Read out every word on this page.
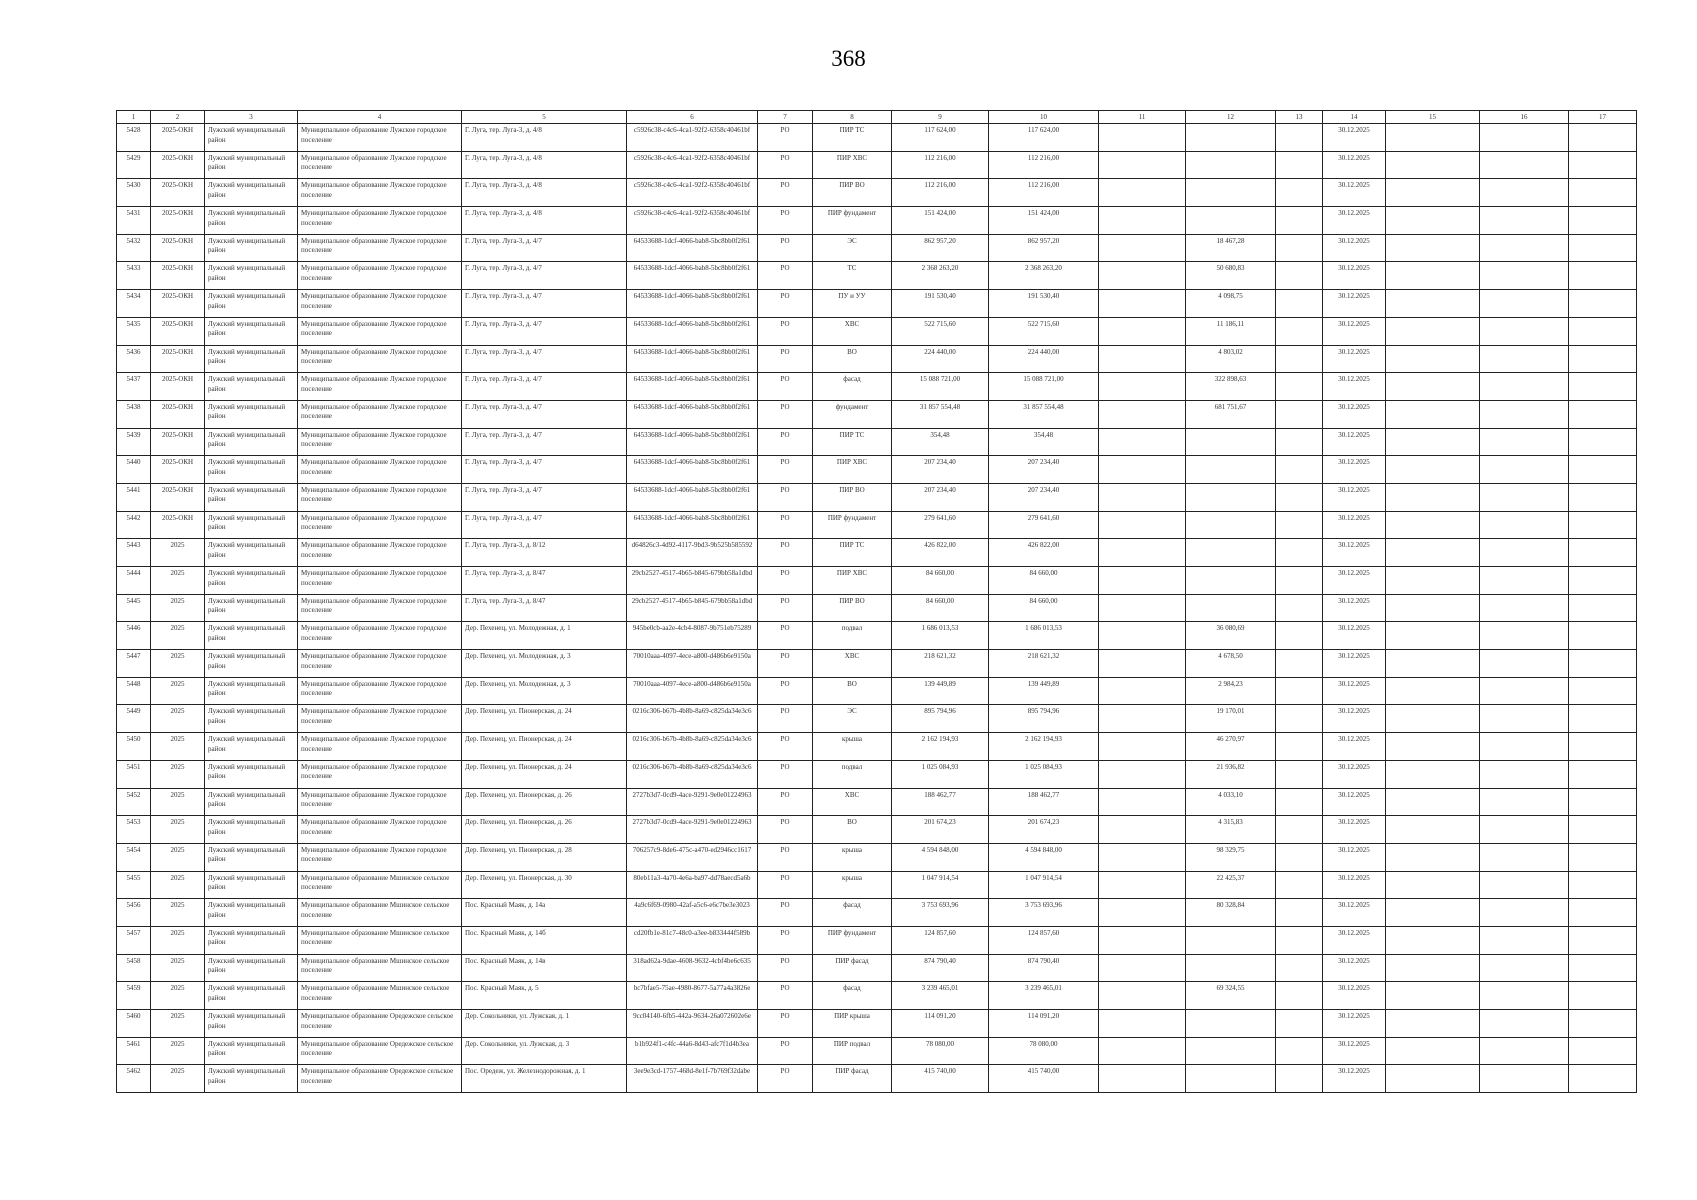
368
1	2	3	4	5	6	7	8	9	10	11	12	13	14	15	16	17
5428	2025-ОКН	Лужский муниципальный район	Муниципальное образование Лужское городское поселение	Г. Луга, тер. Луга-3, д. 4/8	c5926c38-c4c6-4ca1-92f2-6358c40461bf	РО	ПИР ТС	117 624,00	117 624,00				30.12.2025			
5429	2025-ОКН	Лужский муниципальный район	Муниципальное образование Лужское городское поселение	Г. Луга, тер. Луга-3, д. 4/8	c5926c38-c4c6-4ca1-92f2-6358c40461bf	РО	ПИР ХВС	112 216,00	112 216,00				30.12.2025			
5430	2025-ОКН	Лужский муниципальный район	Муниципальное образование Лужское городское поселение	Г. Луга, тер. Луга-3, д. 4/8	c5926c38-c4c6-4ca1-92f2-6358c40461bf	РО	ПИР ВО	112 216,00	112 216,00				30.12.2025			
5431	2025-ОКН	Лужский муниципальный район	Муниципальное образование Лужское городское поселение	Г. Луга, тер. Луга-3, д. 4/8	c5926c38-c4c6-4ca1-92f2-6358c40461bf	РО	ПИР фундамент	151 424,00	151 424,00				30.12.2025			
5432	2025-ОКН	Лужский муниципальный район	Муниципальное образование Лужское городское поселение	Г. Луга, тер. Луга-3, д. 4/7	64533688-1dcf-4066-bab8-5bc8bb0f2f61	РО	ЭС	862 957,20	862 957,20		18 467,28		30.12.2025			
5433	2025-ОКН	Лужский муниципальный район	Муниципальное образование Лужское городское поселение	Г. Луга, тер. Луга-3, д. 4/7	64533688-1dcf-4066-bab8-5bc8bb0f2f61	РО	ТС	2 368 263,20	2 368 263,20		50 680,83		30.12.2025			
5434	2025-ОКН	Лужский муниципальный район	Муниципальное образование Лужское городское поселение	Г. Луга, тер. Луга-3, д. 4/7	64533688-1dcf-4066-bab8-5bc8bb0f2f61	РО	ПУ и УУ	191 530,40	191 530,40		4 098,75		30.12.2025			
5435	2025-ОКН	Лужский муниципальный район	Муниципальное образование Лужское городское поселение	Г. Луга, тер. Луга-3, д. 4/7	64533688-1dcf-4066-bab8-5bc8bb0f2f61	РО	ХВС	522 715,60	522 715,60		11 186,11		30.12.2025			
5436	2025-ОКН	Лужский муниципальный район	Муниципальное образование Лужское городское поселение	Г. Луга, тер. Луга-3, д. 4/7	64533688-1dcf-4066-bab8-5bc8bb0f2f61	РО	ВО	224 440,00	224 440,00		4 803,02		30.12.2025			
5437	2025-ОКН	Лужский муниципальный район	Муниципальное образование Лужское городское поселение	Г. Луга, тер. Луга-3, д. 4/7	64533688-1dcf-4066-bab8-5bc8bb0f2f61	РО	фасад	15 088 721,00	15 088 721,00		322 898,63		30.12.2025			
5438	2025-ОКН	Лужский муниципальный район	Муниципальное образование Лужское городское поселение	Г. Луга, тер. Луга-3, д. 4/7	64533688-1dcf-4066-bab8-5bc8bb0f2f61	РО	фундамент	31 857 554,48	31 857 554,48		681 751,67		30.12.2025			
5439	2025-ОКН	Лужский муниципальный район	Муниципальное образование Лужское городское поселение	Г. Луга, тер. Луга-3, д. 4/7	64533688-1dcf-4066-bab8-5bc8bb0f2f61	РО	ПИР ТС	354,48	354,48				30.12.2025			
5440	2025-ОКН	Лужский муниципальный район	Муниципальное образование Лужское городское поселение	Г. Луга, тер. Луга-3, д. 4/7	64533688-1dcf-4066-bab8-5bc8bb0f2f61	РО	ПИР ХВС	207 234,40	207 234,40				30.12.2025			
5441	2025-ОКН	Лужский муниципальный район	Муниципальное образование Лужское городское поселение	Г. Луга, тер. Луга-3, д. 4/7	64533688-1dcf-4066-bab8-5bc8bb0f2f61	РО	ПИР ВО	207 234,40	207 234,40				30.12.2025			
5442	2025-ОКН	Лужский муниципальный район	Муниципальное образование Лужское городское поселение	Г. Луга, тер. Луга-3, д. 4/7	64533688-1dcf-4066-bab8-5bc8bb0f2f61	РО	ПИР фундамент	279 641,60	279 641,60				30.12.2025			
5443	2025	Лужский муниципальный район	Муниципальное образование Лужское городское поселение	Г. Луга, тер. Луга-3, д. 8/12	d64826c3-4d92-4117-9bd3-9b525b585592	РО	ПИР ТС	426 822,00	426 822,00				30.12.2025			
5444	2025	Лужский муниципальный район	Муниципальное образование Лужское городское поселение	Г. Луга, тер. Луга-3, д. 8/47	29cb2527-4517-4b65-b845-679bb58a1dbd	РО	ПИР ХВС	84 660,00	84 660,00				30.12.2025			
5445	2025	Лужский муниципальный район	Муниципальное образование Лужское городское поселение	Г. Луга, тер. Луга-3, д. 8/47	29cb2527-4517-4b65-b845-679bb58a1dbd	РО	ПИР ВО	84 660,00	84 660,00				30.12.2025			
5446	2025	Лужский муниципальный район	Муниципальное образование Лужское городское поселение	Дер. Пехенец, ул. Молодежная, д. 1	945be0cb-aa2e-4cb4-8087-9b751eb75289	РО	подвал	1 686 013,53	1 686 013,53		36 080,69		30.12.2025			
5447	2025	Лужский муниципальный район	Муниципальное образование Лужское городское поселение	Дер. Пехенец, ул. Молодежная, д. 3	70010aaa-4097-4ece-a800-d486b6e9150a	РО	ХВС	218 621,32	218 621,32		4 678,50		30.12.2025			
5448	2025	Лужский муниципальный район	Муниципальное образование Лужское городское поселение	Дер. Пехенец, ул. Молодежная, д. 3	70010aaa-4097-4ece-a800-d486b6e9150a	РО	ВО	139 449,89	139 449,89		2 984,23		30.12.2025			
5449	2025	Лужский муниципальный район	Муниципальное образование Лужское городское поселение	Дер. Пехенец, ул. Пионерская, д. 24	0216c306-b67b-4b8b-8a69-c825da34e3c6	РО	ЭС	895 794,96	895 794,96		19 170,01		30.12.2025			
5450	2025	Лужский муниципальный район	Муниципальное образование Лужское городское поселение	Дер. Пехенец, ул. Пионерская, д. 24	0216c306-b67b-4b8b-8a69-c825da34e3c6	РО	крыша	2 162 194,93	2 162 194,93		46 270,97		30.12.2025			
5451	2025	Лужский муниципальный район	Муниципальное образование Лужское городское поселение	Дер. Пехенец, ул. Пионерская, д. 24	0216c306-b67b-4b8b-8a69-c825da34e3c6	РО	подвал	1 025 084,93	1 025 084,93		21 936,82		30.12.2025			
5452	2025	Лужский муниципальный район	Муниципальное образование Лужское городское поселение	Дер. Пехенец, ул. Пионерская, д. 26	2727b3d7-0cd9-4ace-9291-9e0e01224963	РО	ХВС	188 462,77	188 462,77		4 033,10		30.12.2025			
5453	2025	Лужский муниципальный район	Муниципальное образование Лужское городское поселение	Дер. Пехенец, ул. Пионерская, д. 26	2727b3d7-0cd9-4ace-9291-9e0e01224963	РО	ВО	201 674,23	201 674,23		4 315,83		30.12.2025			
5454	2025	Лужский муниципальный район	Муниципальное образование Лужское городское поселение	Дер. Пехенец, ул. Пионерская, д. 28	706257c9-8de6-475c-a470-ed2946cc1617	РО	крыша	4 594 848,00	4 594 848,00		98 329,75		30.12.2025			
5455	2025	Лужский муниципальный район	Муниципальное образование Мшинское сельское поселение	Дер. Пехенец, ул. Пионерская, д. 30	80eb11a3-4a70-4e6a-ba97-dd78aecd5a6b	РО	крыша	1 047 914,54	1 047 914,54		22 425,37		30.12.2025			
5456	2025	Лужский муниципальный район	Муниципальное образование Мшинское сельское поселение	Пос. Красный Маяк, д. 14а	4a9c6f69-0980-42af-a5c6-e6c7be3e3023	РО	фасад	3 753 693,96	3 753 693,96		80 328,84		30.12.2025			
5457	2025	Лужский муниципальный район	Муниципальное образование Мшинское сельское поселение	Пос. Красный Маяк, д. 14б	cd20fb1e-81c7-48c0-a3ee-b833444f589b	РО	ПИР фундамент	124 857,60	124 857,60				30.12.2025			
5458	2025	Лужский муниципальный район	Муниципальное образование Мшинское сельское поселение	Пос. Красный Маяк, д. 14в	318ad62a-9dae-4608-9632-4cbf4be6c635	РО	ПИР фасад	874 790,40	874 790,40				30.12.2025			
5459	2025	Лужский муниципальный район	Муниципальное образование Мшинское сельское поселение	Пос. Красный Маяк, д. 5	bc7bfae5-75ae-4980-8677-5a77a4a3826e	РО	фасад	3 239 465,01	3 239 465,01		69 324,55		30.12.2025			
5460	2025	Лужский муниципальный район	Муниципальное образование Оредежское сельское поселение	Дер. Сокольники, ул. Лужская, д. 1	9cc04140-6fb5-442a-9634-26a072602e6e	РО	ПИР крыша	114 091,20	114 091,20				30.12.2025			
5461	2025	Лужский муниципальный район	Муниципальное образование Оредежское сельское поселение	Дер. Сокольники, ул. Лужская, д. 3	b1b924f1-c4fc-44a6-8d43-afc7f1d4b3ea	РО	ПИР подвал	78 080,00	78 080,00				30.12.2025			
5462	2025	Лужский муниципальный район	Муниципальное образование Оредежское сельское поселение	Пос. Оредеж, ул. Железнодорожная, д. 1	3ee9e3cd-1757-468d-8e1f-7b769f32dabe	РО	ПИР фасад	415 740,00	415 740,00				30.12.2025			
